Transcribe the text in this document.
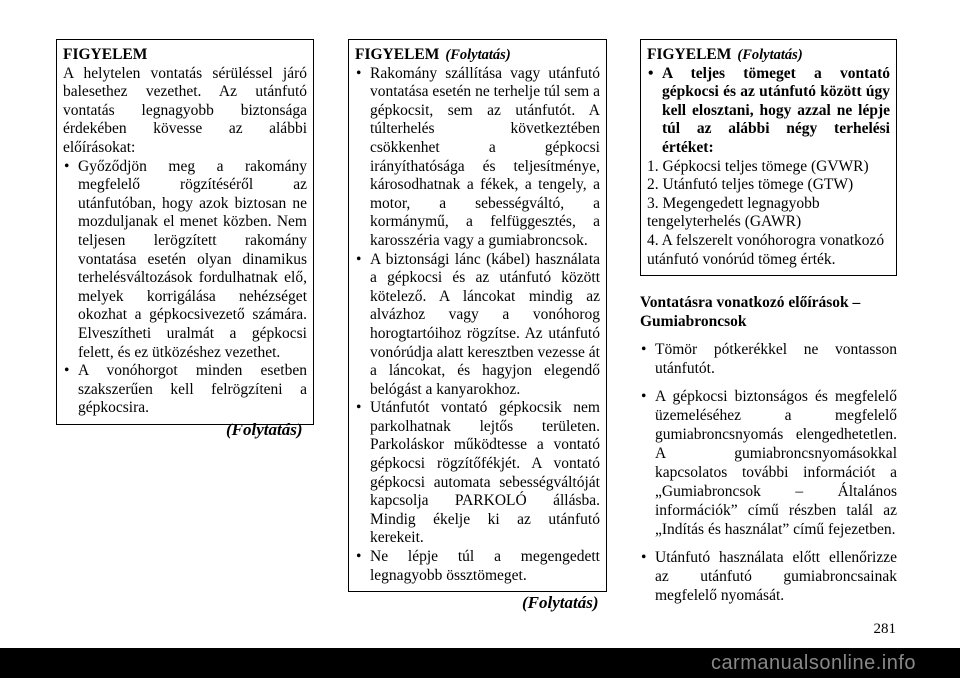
FIGYELEM
A helytelen vontatás sérüléssel járó balesethez vezethet. Az utánfutó vontatás legnagyobb biztonsága érdekében kövesse az alábbi előírásokat:
• Győződjön meg a rakomány megfelelő rögzítéséről az utánfutóban, hogy azok biztosan ne mozduljanak el menet közben. Nem teljesen lerögzített rakomány vontatása esetén olyan dinamikus terhelésváltozások fordulhatnak elő, melyek korrigálása nehézséget okozhat a gépkocsivezető számára. Elveszítheti uralmát a gépkocsi felett, és ez ütközéshez vezethet.
• A vonóhorgot minden esetben szakszerűen kell felrögzíteni a gépkocsira.
(Folytatás)
FIGYELEM (Folytatás)
• Rakomány szállítása vagy utánfutó vontatása esetén ne terhelje túl sem a gépkocsit, sem az utánfutót. A túlterhelés következtében csökkenhet a gépkocsi irányíthatósága és teljesítménye, károsodhatnak a fékek, a tengely, a motor, a sebességváltó, a kormánymű, a felfüggesztés, a karosszéria vagy a gumiabroncsok.
• A biztonsági lánc (kábel) használata a gépkocsi és az utánfutó között kötelező. A láncokat mindig az alvázhoz vagy a vonóhorog horogtartóihoz rögzítse. Az utánfutó vonórúdja alatt keresztben vezesse át a láncokat, és hagyjon elegendő belógást a kanyarokhoz.
• Utánfutót vontató gépkocsik nem parkolhatnak lejtős területen. Parkoláskor működtesse a vontató gépkocsi rögzítőfékjét. A vontató gépkocsi automata sebességváltóját kapcsolja PARKOLÓ állásba. Mindig ékelje ki az utánfutó kerekeit.
• Ne lépje túl a megengedett legnagyobb össztömeget.
(Folytatás)
FIGYELEM (Folytatás)
• A teljes tömeget a vontató gépkocsi és az utánfutó között úgy kell elosztani, hogy azzal ne lépje túl az alábbi négy terhelési értéket:
1. Gépkocsi teljes tömege (GVWR)
2. Utánfutó teljes tömege (GTW)
3. Megengedett legnagyobb tengelyterhelés (GAWR)
4. A felszerelt vonóhorogra vonatkozó utánfutó vonórúd tömeg érték.
Vontatásra vonatkozó előírások – Gumiabroncsok
• Tömör pótkerékkel ne vontasson utánfutót.
• A gépkocsi biztonságos és megfelelő üzemeléséhez a megfelelő gumiabroncsnyomás elengedhetetlen. A gumiabroncsnyomásokkal kapcsolatos további információt a „Gumiabroncsok – Általános információk” című részben talál az „Indítás és használat” című fejezetben.
• Utánfutó használata előtt ellenőrizze az utánfutó gumiabroncsainak megfelelő nyomását.
281
carmanualsonline.info
